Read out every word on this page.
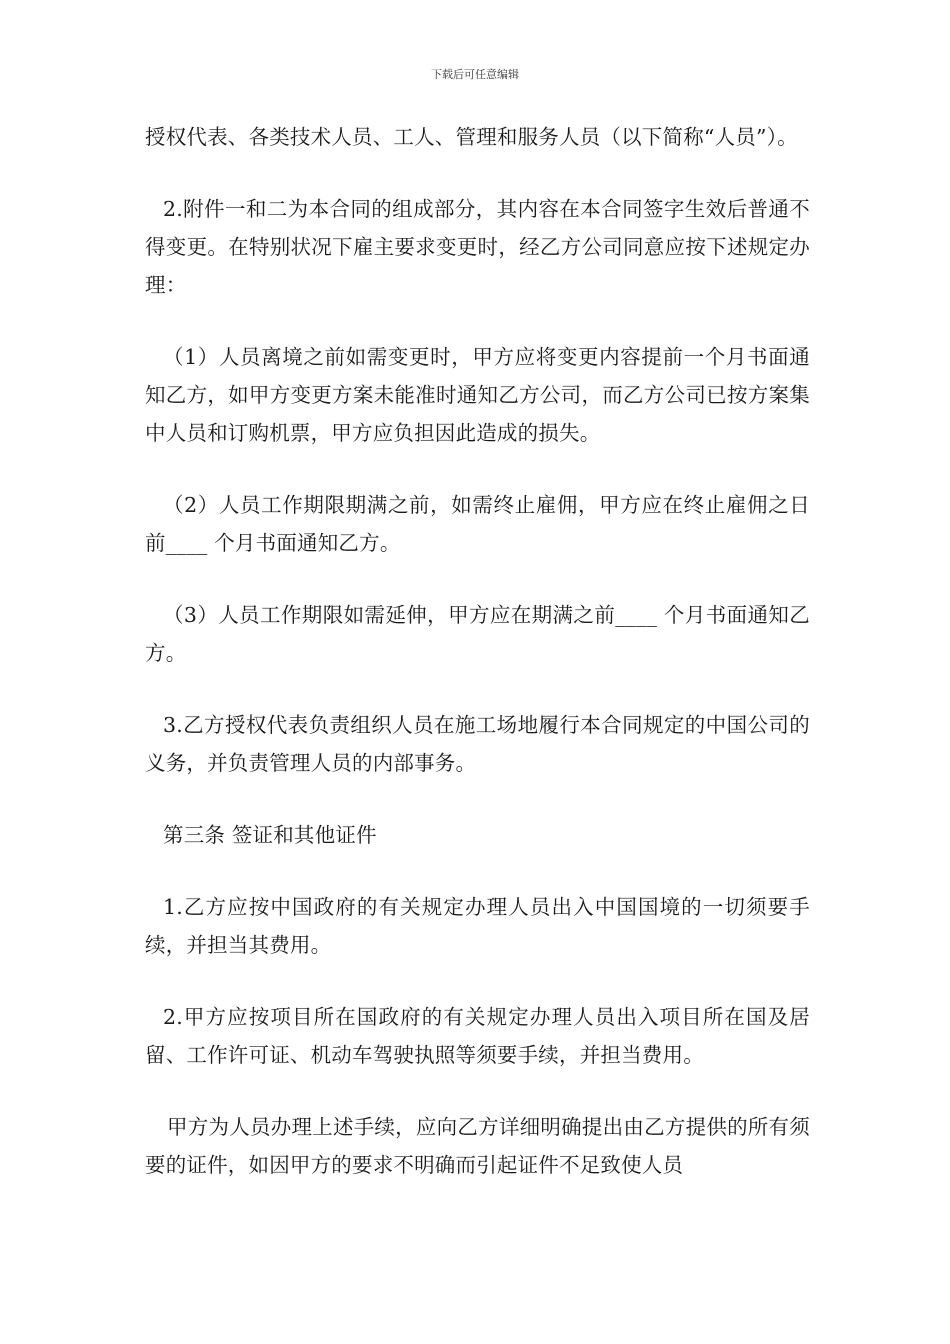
下载后可任意编辑

授权代表、各类技术人员、工人、管理和服务人员（以下简称“人员”）。

2.附件一和二为本合同的组成部分，其内容在本合同签字生效后普通不得变更。在特别状况下雇主要求变更时，经乙方公司同意应按下述规定办理：

（1）人员离境之前如需变更时，甲方应将变更内容提前一个月书面通知乙方，如甲方变更方案未能准时通知乙方公司，而乙方公司已按方案集中人员和订购机票，甲方应负担因此造成的损失。

（2）人员工作期限期满之前，如需终止雇佣，甲方应在终止雇佣之日前____ 个月书面通知乙方。

（3）人员工作期限如需延伸，甲方应在期满之前____ 个月书面通知乙方。

3.乙方授权代表负责组织人员在施工场地履行本合同规定的中国公司的义务，并负责管理人员的内部事务。

第三条 签证和其他证件

1.乙方应按中国政府的有关规定办理人员出入中国国境的一切须要手续，并担当其费用。

2.甲方应按项目所在国政府的有关规定办理人员出入项目所在国及居留、工作许可证、机动车驾驶执照等须要手续，并担当费用。

甲方为人员办理上述手续，应向乙方详细明确提出由乙方提供的所有须要的证件，如因甲方的要求不明确而引起证件不足致使人员
